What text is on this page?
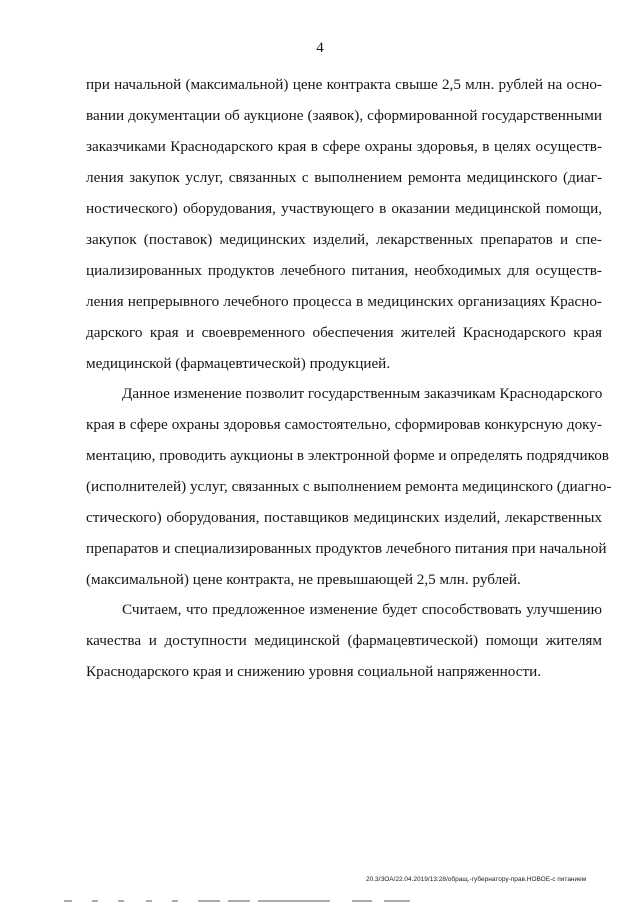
4
при начальной (максимальной) цене контракта свыше 2,5 млн. рублей на осно-
вании документации об аукционе (заявок), сформированной государственными
заказчиками Краснодарского края в сфере охраны здоровья, в целях осуществ-
ления закупок услуг, связанных с выполнением ремонта медицинского (диаг-
ностического) оборудования, участвующего в оказании медицинской помощи,
закупок (поставок) медицинских изделий, лекарственных препаратов и спе-
циализированных продуктов лечебного питания, необходимых для осуществ-
ления непрерывного лечебного процесса в медицинских организациях Красно-
дарского края и своевременного обеспечения жителей Краснодарского края
медицинской (фармацевтической) продукцией.
Данное изменение позволит государственным заказчикам Краснодарского
края в сфере охраны здоровья самостоятельно, сформировав конкурсную доку-
ментацию, проводить аукционы в электронной форме и определять подрядчиков
(исполнителей) услуг, связанных с выполнением ремонта медицинского (диагно-
стического) оборудования, поставщиков медицинских изделий, лекарственных
препаратов и специализированных продуктов лечебного питания при начальной
(максимальной) цене контракта, не превышающей 2,5 млн. рублей.
Считаем, что предложенное изменение будет способствовать улучшению
качества и доступности медицинской (фармацевтической) помощи жителям
Краснодарского края и снижению уровня социальной напряженности.
20.3/ЗОА/22.04.2019/13:28/обращ.-губернатору-прав.НОВОЕ-с питанием
